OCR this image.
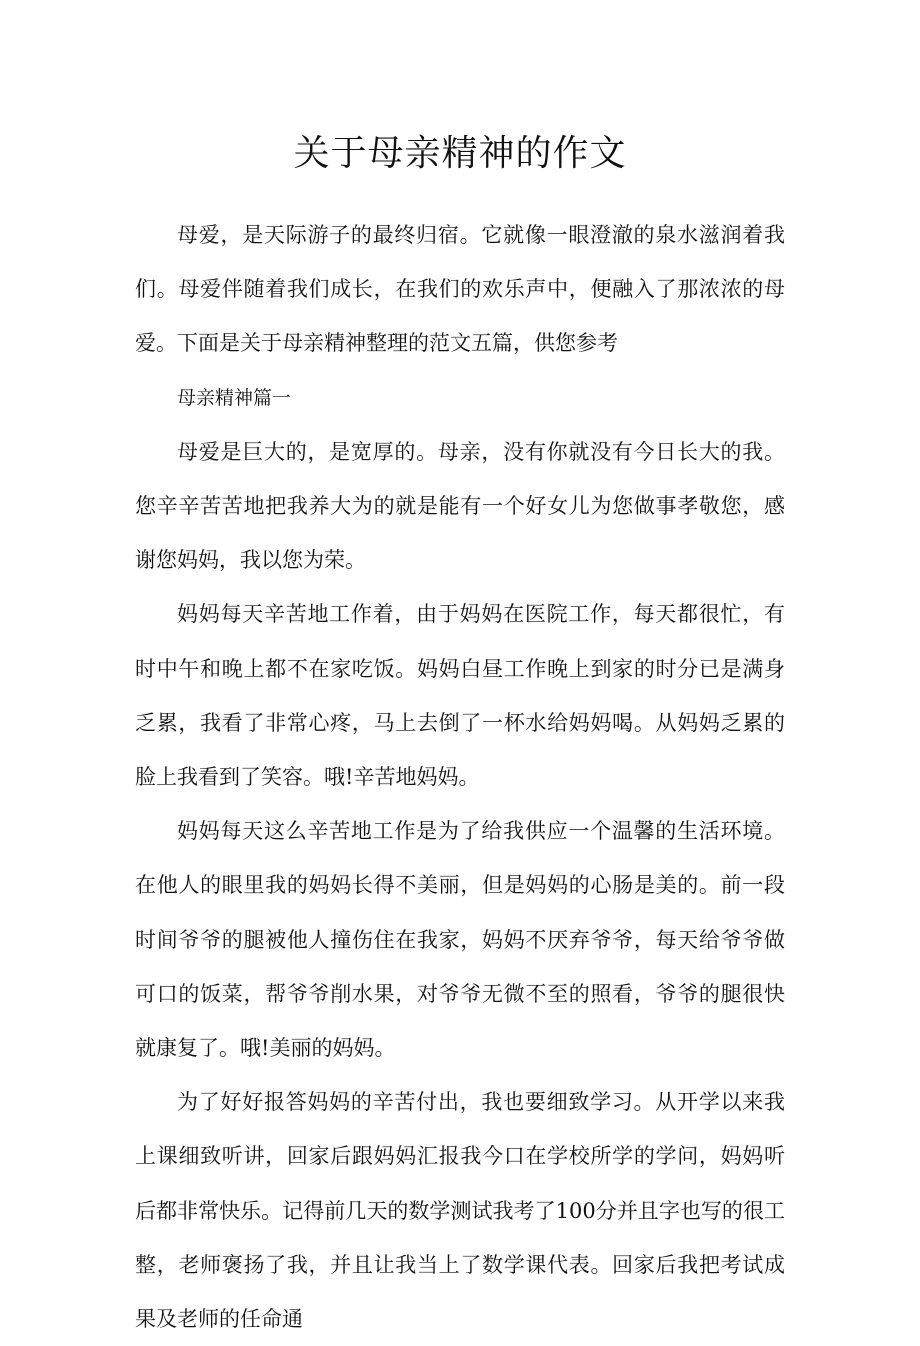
关于母亲精神的作文

母爱，是天际游子的最终归宿。它就像一眼澄澈的泉水滋润着我们。母爱伴随着我们成长，在我们的欢乐声中，便融入了那浓浓的母爱。下面是关于母亲精神整理的范文五篇，供您参考

母亲精神篇一

母爱是巨大的，是宽厚的。母亲，没有你就没有今日长大的我。您辛辛苦苦地把我养大为的就是能有一个好女儿为您做事孝敬您，感谢您妈妈，我以您为荣。

妈妈每天辛苦地工作着，由于妈妈在医院工作，每天都很忙，有时中午和晚上都不在家吃饭。妈妈白昼工作晚上到家的时分已是满身乏累，我看了非常心疼，马上去倒了一杯水给妈妈喝。从妈妈乏累的脸上我看到了笑容。哦!辛苦地妈妈。

妈妈每天这么辛苦地工作是为了给我供应一个温馨的生活环境。在他人的眼里我的妈妈长得不美丽，但是妈妈的心肠是美的。前一段时间爷爷的腿被他人撞伤住在我家，妈妈不厌弃爷爷，每天给爷爷做可口的饭菜，帮爷爷削水果，对爷爷无微不至的照看，爷爷的腿很快就康复了。哦!美丽的妈妈。

为了好好报答妈妈的辛苦付出，我也要细致学习。从开学以来我上课细致听讲，回家后跟妈妈汇报我今口在学校所学的学问，妈妈听后都非常快乐。记得前几天的数学测试我考了100分并且字也写的很工整，老师褒扬了我，并且让我当上了数学课代表。回家后我把考试成果及老师的任命通
